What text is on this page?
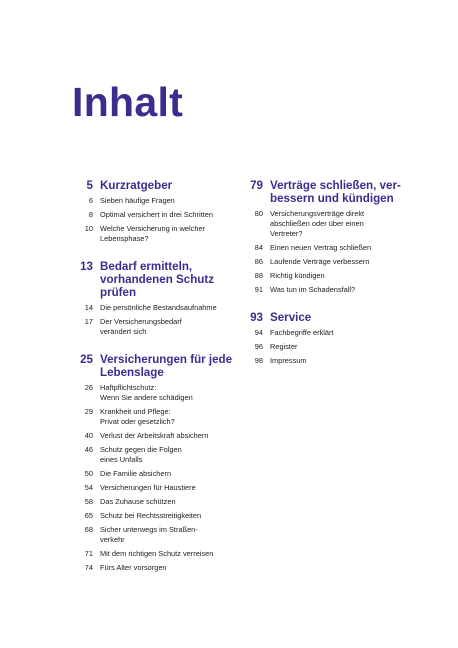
Inhalt
5 Kurzratgeber
6 Sieben häufige Fragen
8 Optimal versichert in drei Schritten
10 Welche Versicherung in welcher
Lebensphase?
13 Bedarf ermitteln,
vorhandenen Schutz
prüfen
14 Die persönliche Bestandsaufnahme
17 Der Versicherungsbedarf
verändert sich
25 Versicherungen für jede
Lebenslage
26 Haftpflichtschutz:
Wenn Sie andere schädigen
29 Krankheit und Pflege:
Privat oder gesetzlich?
40 Verlust der Arbeitskraft absichern
46 Schutz gegen die Folgen
eines Unfalls
50 Die Familie absichern
54 Versicherungen für Haustiere
58 Das Zuhause schützen
65 Schutz bei Rechtsstreitigkeiten
68 Sicher unterwegs im Straßen-
verkehr
71 Mit dem richtigen Schutz verreisen
74 Fürs Alter vorsorgen
79 Verträge schließen, ver-
bessern und kündigen
80 Versicherungsverträge direkt
abschließen oder über einen
Vertreter?
84 Einen neuen Vertrag schließen
86 Laufende Verträge verbessern
88 Richtig kündigen
91 Was tun im Schadensfall?
93 Service
94 Fachbegriffe erklärt
96 Register
98 Impressum
